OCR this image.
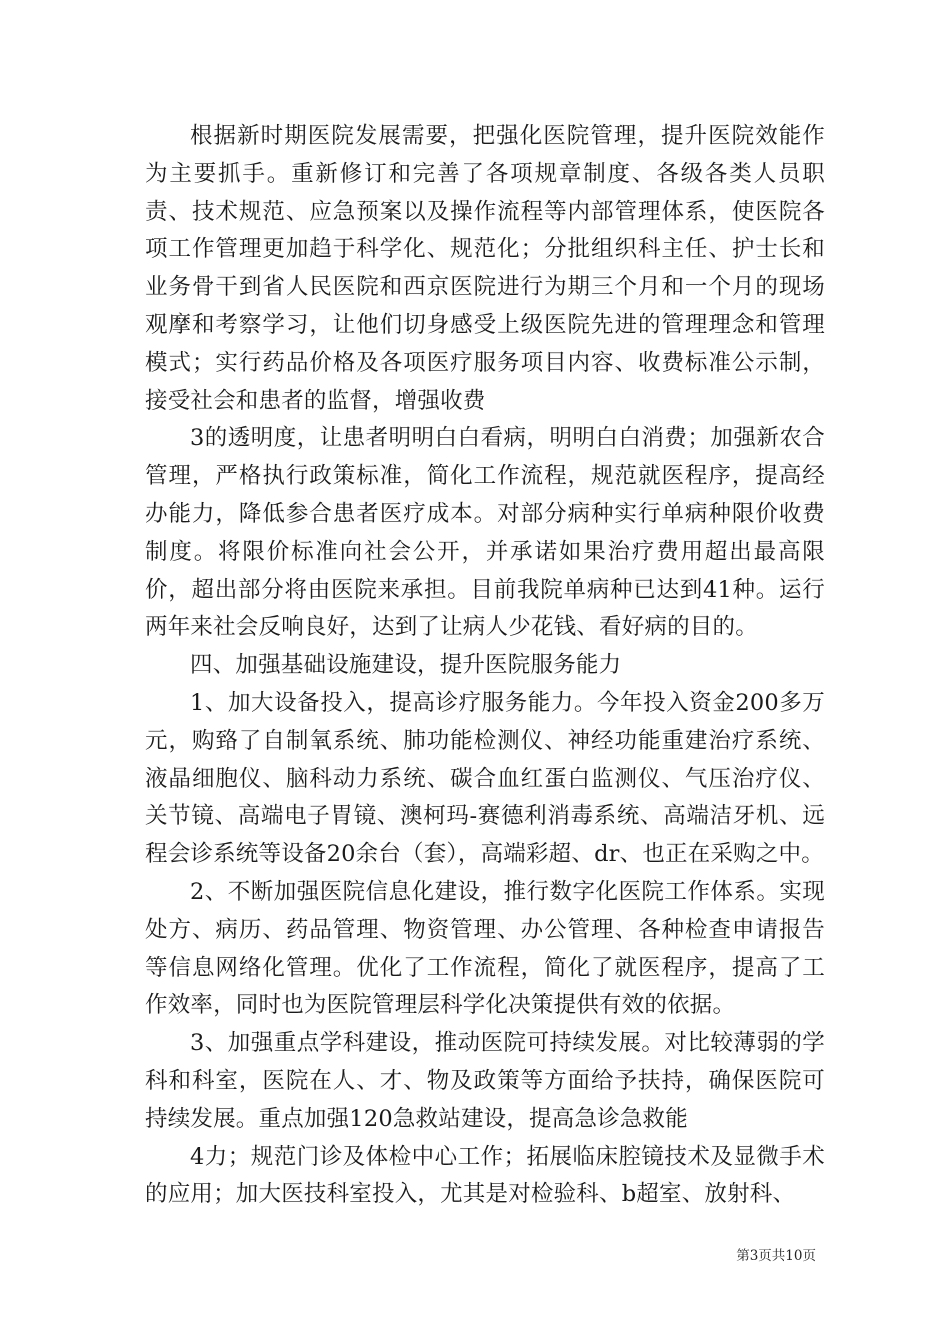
根据新时期医院发展需要，把强化医院管理，提升医院效能作为主要抓手。重新修订和完善了各项规章制度、各级各类人员职责、技术规范、应急预案以及操作流程等内部管理体系，使医院各项工作管理更加趋于科学化、规范化；分批组织科主任、护士长和业务骨干到省人民医院和西京医院进行为期三个月和一个月的现场观摩和考察学习，让他们切身感受上级医院先进的管理理念和管理模式；实行药品价格及各项医疗服务项目内容、收费标准公示制，接受社会和患者的监督，增强收费

3的透明度，让患者明明白白看病，明明白白消费；加强新农合管理，严格执行政策标准，简化工作流程，规范就医程序，提高经办能力，降低参合患者医疗成本。对部分病种实行单病种限价收费制度。将限价标准向社会公开，并承诺如果治疗费用超出最高限价，超出部分将由医院来承担。目前我院单病种已达到41种。运行两年来社会反响良好，达到了让病人少花钱、看好病的目的。

四、加强基础设施建设，提升医院服务能力

1、加大设备投入，提高诊疗服务能力。今年投入资金200多万元，购臵了自制氧系统、肺功能检测仪、神经功能重建治疗系统、液晶细胞仪、脑科动力系统、碳合血红蛋白监测仪、气压治疗仪、关节镜、高端电子胃镜、澳柯玛-赛德利消毒系统、高端洁牙机、远程会诊系统等设备20余台（套），高端彩超、dr、也正在采购之中。

2、不断加强医院信息化建设，推行数字化医院工作体系。实现处方、病历、药品管理、物资管理、办公管理、各种检查申请报告等信息网络化管理。优化了工作流程，简化了就医程序，提高了工作效率，同时也为医院管理层科学化决策提供有效的依据。

3、加强重点学科建设，推动医院可持续发展。对比较薄弱的学科和科室，医院在人、才、物及政策等方面给予扶持，确保医院可持续发展。重点加强120急救站建设，提高急诊急救能

4力；规范门诊及体检中心工作；拓展临床腔镜技术及显微手术的应用；加大医技科室投入，尤其是对检验科、b超室、放射科、

第3页共10页
